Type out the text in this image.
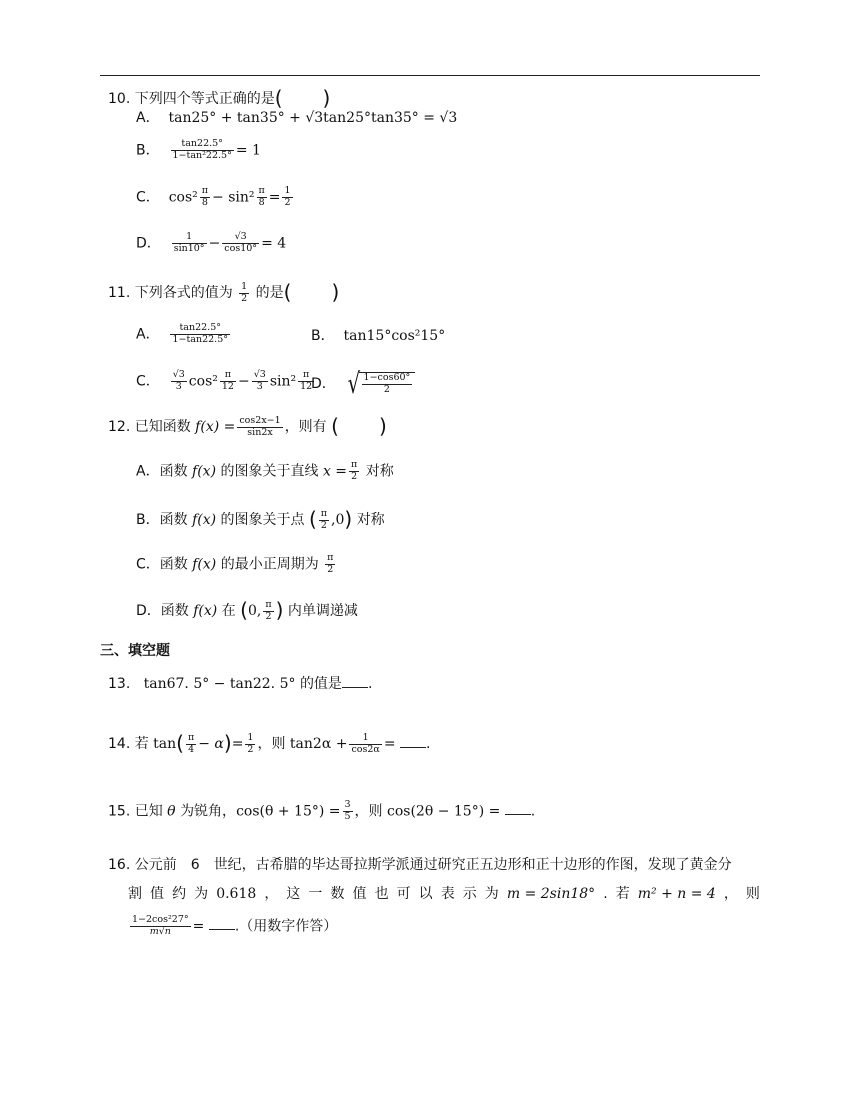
10. 下列四个等式正确的是(　　)
A． tan25° + tan35° + √3tan25°tan35° = √3
B． $\frac{\tan 22.5^\circ}{\text{1−tan²22.5°}} = 1$
C． $\cos^2 \frac{\pi}{8} - \sin^2 \frac{\pi}{8} = \frac{1}{2}$
D． $\frac{1}{\sin 10^\circ} - \frac{√3}{\cos 10^\circ} = 4$
11. 下列各式的值为 $\frac{1}{2}$ 的是(　　)
A． $\frac{\tan 22.5^\circ}{1-\tan 22.5^\circ}$	B． tan15°cos²15°
C． $\frac{√3}{3} \cos^2 \frac{\pi}{12} - \frac{√3}{3} \sin^2 \frac{\pi}{12}$
D． √ $\frac{1-\cos 60^\circ}{2}$
12. 已知函数 $f(x) = \frac{\cos 2x-1}{\sin 2x}$ ，则有 (　　)
A．函数 f(x) 的图象关于直线 $x = \frac{\pi}{2}$ 对称
B．函数 f(x) 的图象关于点 ( $\frac{\pi}{2} ,0$) 对称
C．函数 f(x) 的最小正周期为 $\frac{\pi}{2}$
D．函数 f(x) 在 (0, $\frac{\pi}{2}$ ) 内单调递减
三、填空题
13. tan67. 5° − tan22. 5° 的值是 .
14. 若 $\tan( \frac{\pi}{4} - \alpha)= \frac{1}{2}$ ，则 $\tan 2\alpha + \frac{1}{\cos 2\alpha}$ = .
15. 已知 θ 为锐角，$\cos(\theta + 15^\circ) = \frac{3}{5}$ ，则 cos(2θ − 15°) = .
16. 公元前　6　世纪，古希腊的毕达哥拉斯学派通过研究正五边形和正十边形的作图，发现了黄金分
割 值 约 为 0.618 ， 这 一 数 值 也 可 以 表 示 为 m = 2sin18° . 若 m² + n = 4 ， 则
$\frac{\text{1−2cos²27°}}{m√n}$ = .（用数字作答）
